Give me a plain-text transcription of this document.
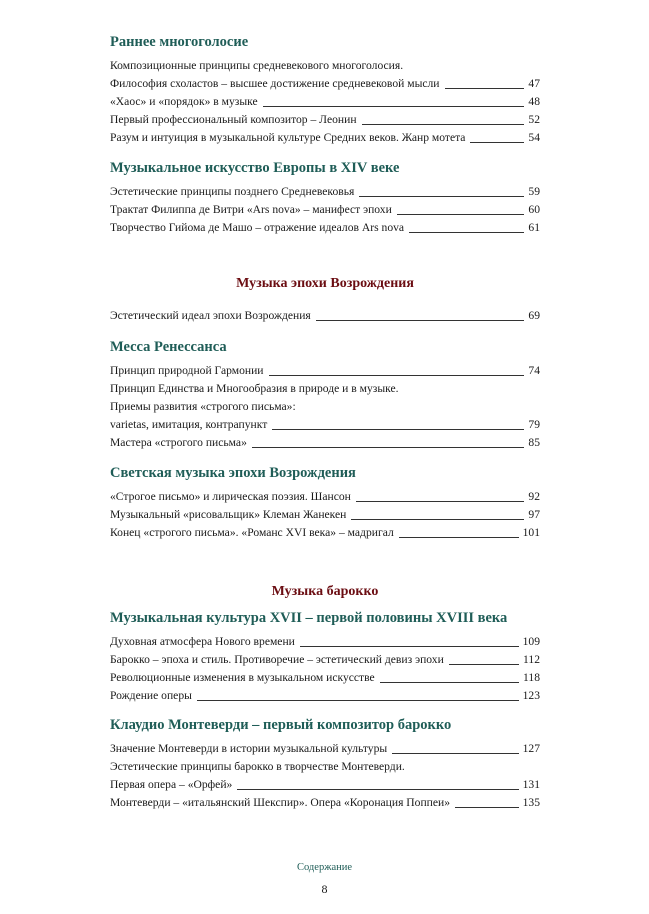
Раннее многоголосие
Композиционные принципы средневекового многоголосия.
Философия схоластов – высшее достижение средневековой мысли	47
«Хаос» и «порядок» в музыке	48
Первый профессиональный композитор – Леонин	52
Разум и интуиция в музыкальной культуре Средних веков. Жанр мотета	54
Музыкальное искусство Европы в XIV веке
Эстетические принципы позднего Средневековья	59
Трактат Филиппа де Витри «Ars nova» – манифест эпохи	60
Творчество Гийома де Машо – отражение идеалов Ars nova	61
Музыка эпохи Возрождения
Эстетический идеал эпохи Возрождения	69
Месса Ренессанса
Принцип природной Гармонии	74
Принцип Единства и Многообразия в природе и в музыке.
Приемы развития «строгого письма»:
varietas, имитация, контрапункт	79
Мастера «строгого письма»	85
Светская музыка эпохи Возрождения
«Строгое письмо» и лирическая поэзия. Шансон	92
Музыкальный «рисовальщик» Клеман Жанекен	97
Конец «строгого письма». «Романс XVI века» – мадригал	101
Музыка барокко
Музыкальная культура XVII – первой половины XVIII века
Духовная атмосфера Нового времени	109
Барокко – эпоха и стиль. Противоречие – эстетический девиз эпохи	112
Революционные изменения в музыкальном искусстве	118
Рождение оперы	123
Клаудио Монтеверди – первый композитор барокко
Значение Монтеверди в истории музыкальной культуры	127
Эстетические принципы барокко в творчестве Монтеверди.
Первая опера – «Орфей»	131
Монтеверди – «итальянский Шекспир». Опера «Коронация Поппеи»	135
Содержание
8
